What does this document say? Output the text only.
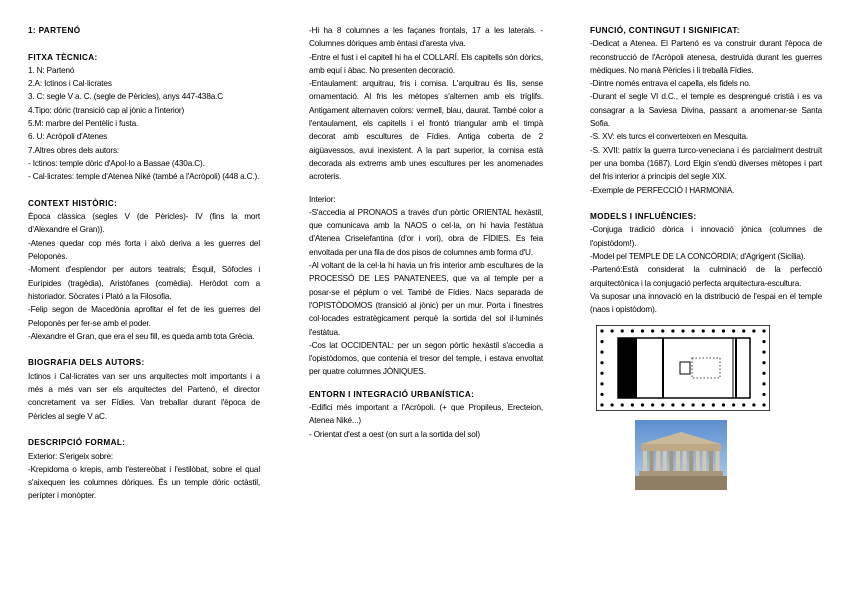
1: PARTENÓ

FITXA TÈCNICA:

1. N: Partenó

2.A: Ictinos i Cal·licrates

3. C: segle V a. C. (segle de Pèricles), anys 447-438a.C

4.Tipo: dòric (transició cap al jònic a l'interior)

5.M: marbre del Pentèlic i fusta.

6. U: Acròpoli d'Atenes

7.Altres obres dels autors:

- Ictinos: temple dòric d'Apol·lo a Bassae (430a.C).

- Cal·licrates: temple d'Atenea Niké (també a l'Acròpoli) (448 a.C.).

CONTEXT HISTÒRIC:

Època clàssica (segles V (de Pèricles)- IV (fins la mort d'Alexandre el Gran)).

-Atenes quedar cop més forta i això deriva a les guerres del Peloponès.

-Moment d'esplendor per autors teatrals; Èsquil, Sòfocles i Eurípides (tragèdia), Aristòfanes (comèdia). Heròdot com a historiador. Sòcrates i Plató a la Filosofia.

-Felip segon de Macedònia aprofitar el fet de les guerres del Peloponès per fer-se amb el poder.

-Alexandre el Gran, que era el seu fill, es queda amb tota Grècia.

BIOGRAFIA DELS AUTORS:

Ictinos i Cal·licrates van ser uns arquitectes molt importants i a més a més van ser els arquitectes del Partenó, el director concretament va ser Fídies. Van treballar durant l'època de Pèricles al segle V aC.

DESCRIPCIÓ FORMAL:

Exterior: S'erigeix sobre:

-Krepidoma o krepis, amb l'estereòbat i l'estilòbat, sobre el qual s'aixequen les columnes dòriques. És un temple dòric octàstil, perípter i monòpter.

-Hi ha 8 columnes a les façanes frontals, 17 a les laterals. -Columnes dòriques amb èntasi d'aresta viva.

-Entre el fust i el capitell hi ha el COLLARÍ. Els capitells són dòrics, amb equí i àbac. No presenten decoració.

-Entaulament: arquitrau, fris i cornisa. L'arquitrau és llis, sense ornamentació. Al fris les mètopes s'alternen amb els tríglifs. Antigament alternaven colors: vermell, blau, daurat. També color a l'entaulament, els capitells i el frontó triangular amb el timpà decorat amb escultures de Fídies. Antiga coberta de 2 aigüavessos, avui inexistent. A la part superior, la cornisa està decorada als extrems amb unes escultures per les anomenades acroteris.

Interior:

-S'accedia al PRONAOS a través d'un pòrtic ORIENTAL hexàstil, que comunicava amb la NAOS o cel·la, on hi havia l'estàtua d'Atenea Criselefantina (d'or i vori), obra de FÍDIES. Es feia envoltada per una fila de dos pisos de columnes amb forma d'U.

-Al voltant de la cel·la hi havia un fris interior amb escultures de la PROCESSÓ DE LES PANATENEES, que va al temple per a posar-se el péplum o vel. També de Fídies. Nacs separada de l'OPISTÒDOMOS (transició al jònic) per un mur. Porta i finestres col·locades estratègicament perquè la sortida del sol il·luminés l'estàtua.

-Cos lat OCCIDENTAL: per un segon pòrtic hexàstil s'accedia a l'opistòdomos, que contenia el tresor del temple, i estava envoltat per quatre columnes JÒNIQUES.

ENTORN I INTEGRACIÓ URBANÍSTICA:

-Edifici més important a l'Acròpoli. (+ que Propileus, Erecteion, Atenea Niké...)

- Orientat d'est a oest (on surt a la sortida del sol)

FUNCIÓ, CONTINGUT I SIGNIFICAT:

-Dedicat a Atenea. El Partenó es va construir durant l'època de reconstrucció de l'Acròpoli atenesa, destruïda durant les guerres mèdiques. No manà Pèricles i li treballà Fídies.

-Dintre només entrava el capella, els fidels no.

-Durant el segle VI d.C., el temple es desprengué cristià i es va consagrar a la Saviesa Divina, passant a anomenar-se Santa Sofia.

-S. XV: els turcs el converteixen en Mesquita.

-S. XVII: patrix la guerra turco-veneciana i és parcialment destruït per una bomba (1687). Lord Elgin s'endú diverses mètopes i part del fris interior a principis del segle XIX.

-Exemple de PERFECCIÓ I HARMONIA.

MODELS I INFLUÈNCIES:

-Conjuga tradició dòrica i innovació jònica (columnes de l'opistòdom!).

-Model pel TEMPLE DE LA CONCÒRDIA; d'Agrigent (Sicília).

-Partenó:Està considerat la culminació de la perfecció arquitectònica i la conjugació perfecta arquitectura-escultura.

Va suposar una innovació en la distribució de l'espai en el temple (naos i opistòdom).
